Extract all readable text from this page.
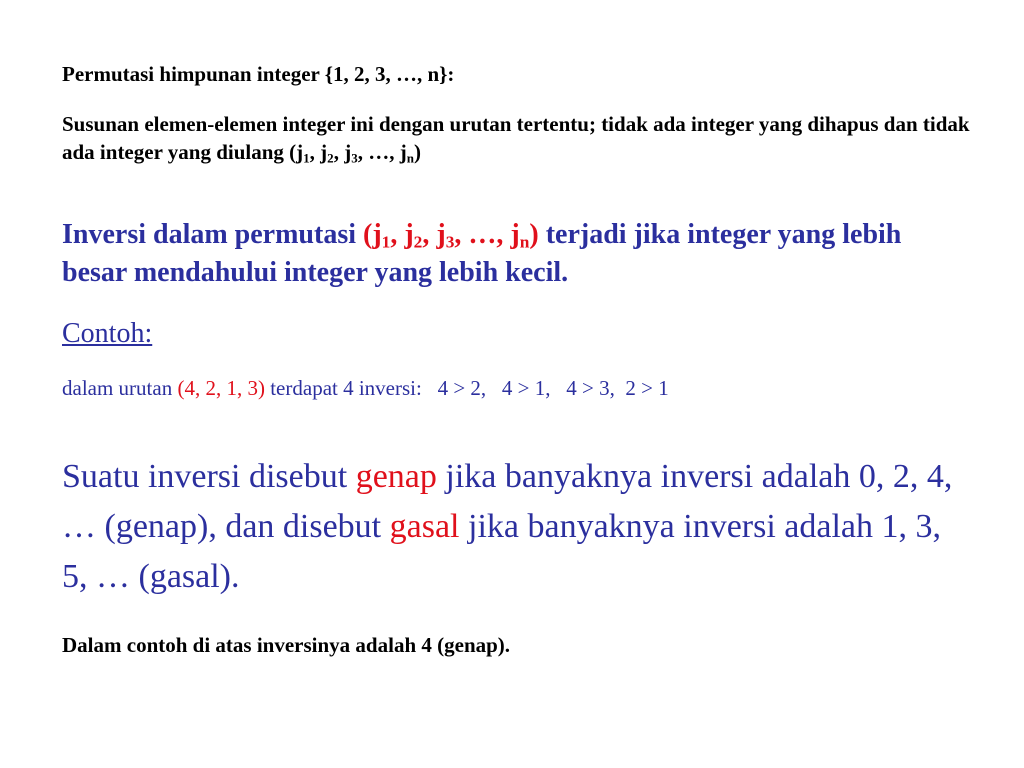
Permutasi himpunan integer {1, 2, 3, …, n}:

Susunan elemen-elemen integer ini dengan urutan tertentu; tidak ada integer yang dihapus dan tidak ada integer yang diulang ($j_1$, $j_2$, $j_3$, …, $j_n$)

Inversi dalam permutasi ($j_1$, $j_2$, $j_3$, …, $j_n$) terjadi jika integer yang lebih besar mendahului integer yang lebih kecil.

Contoh:

dalam urutan (4, 2, 1, 3) terdapat 4 inversi:   4 > 2,   4 > 1,   4 > 3,  2 > 1

Suatu inversi disebut genap jika banyaknya inversi adalah 0, 2, 4, … (genap), dan disebut gasal jika banyaknya inversi adalah 1, 3, 5, … (gasal).

Dalam contoh di atas inversinya adalah 4 (genap).
